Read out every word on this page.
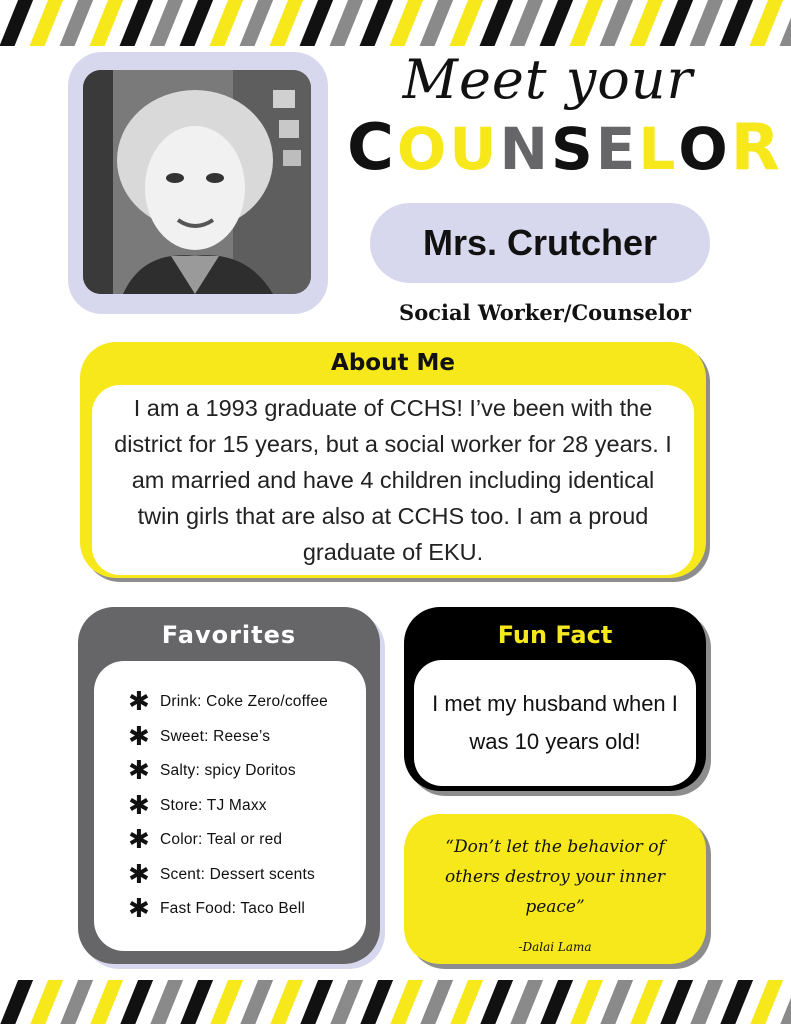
Meet your
COUNSELOR
Mrs. Crutcher
Social Worker/Counselor
About Me
I am a 1993 graduate of CCHS! I’ve been with the district for 15 years, but a social worker for 28 years. I am married and have 4 children including identical twin girls that are also at CCHS too. I am a proud graduate of EKU.
Favorites
✱ Drink: Coke Zero/coffee
✱ Sweet: Reese’s
✱ Salty: spicy Doritos
✱ Store: TJ Maxx
✱ Color: Teal or red
✱ Scent: Dessert scents
✱ Fast Food: Taco Bell
Fun Fact
I met my husband when I was 10 years old!
“Don’t let the behavior of others destroy your inner peace”
-Dalai Lama
